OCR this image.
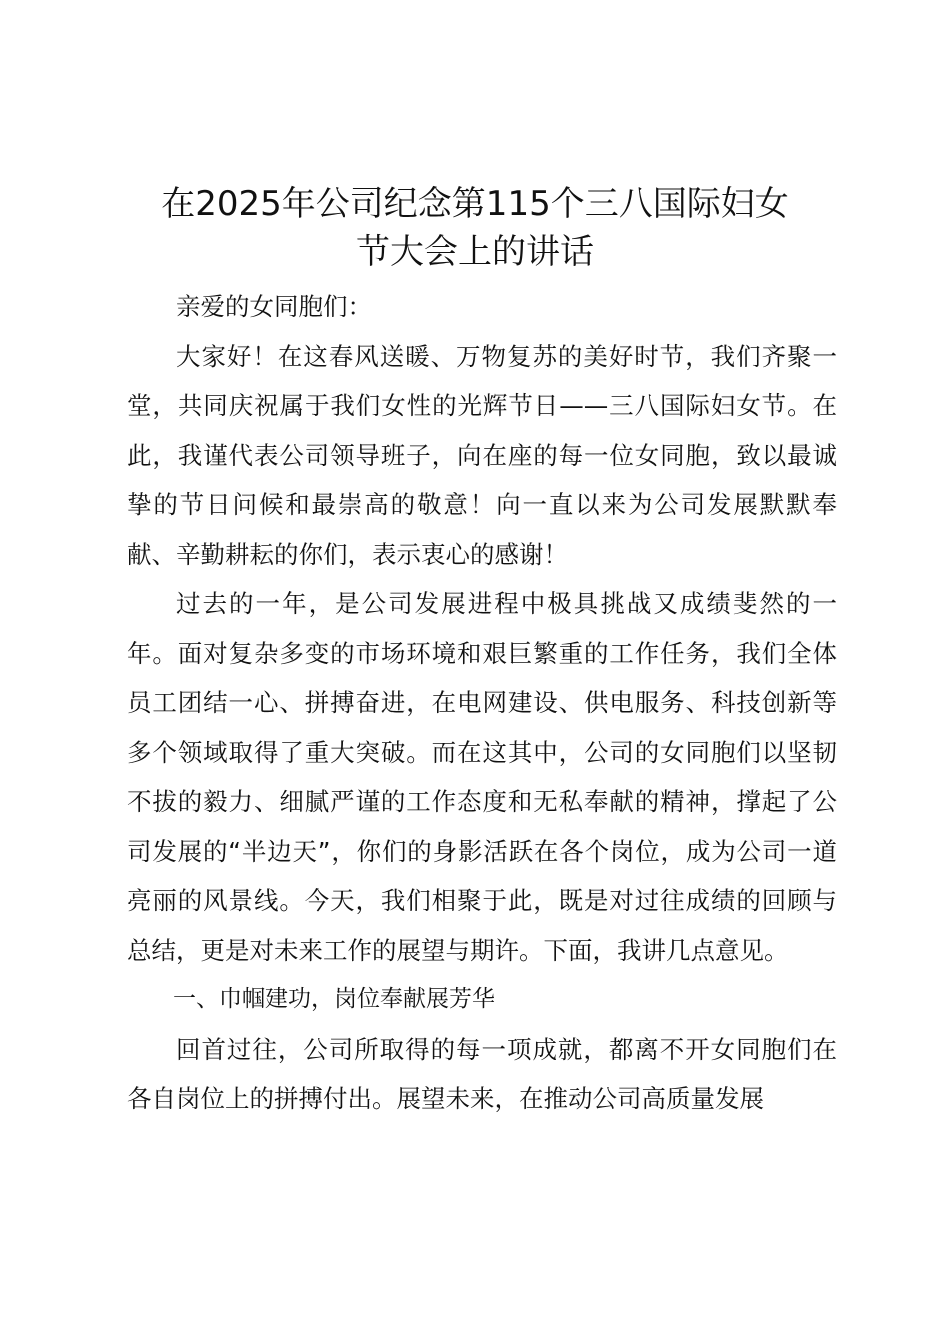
在2025年公司纪念第115个三八国际妇女
节大会上的讲话

亲爱的女同胞们：

大家好！在这春风送暖、万物复苏的美好时节，我们齐聚一堂，共同庆祝属于我们女性的光辉节日——三八国际妇女节。在此，我谨代表公司领导班子，向在座的每一位女同胞，致以最诚挚的节日问候和最崇高的敬意！向一直以来为公司发展默默奉献、辛勤耕耘的你们，表示衷心的感谢！

过去的一年，是公司发展进程中极具挑战又成绩斐然的一年。面对复杂多变的市场环境和艰巨繁重的工作任务，我们全体员工团结一心、拼搏奋进，在电网建设、供电服务、科技创新等多个领域取得了重大突破。而在这其中，公司的女同胞们以坚韧不拔的毅力、细腻严谨的工作态度和无私奉献的精神，撑起了公司发展的“半边天”，你们的身影活跃在各个岗位，成为公司一道亮丽的风景线。今天，我们相聚于此，既是对过往成绩的回顾与总结，更是对未来工作的展望与期许。下面，我讲几点意见。

一、巾帼建功，岗位奉献展芳华

回首过往，公司所取得的每一项成就，都离不开女同胞们在各自岗位上的拼搏付出。展望未来，在推动公司高质量发展
